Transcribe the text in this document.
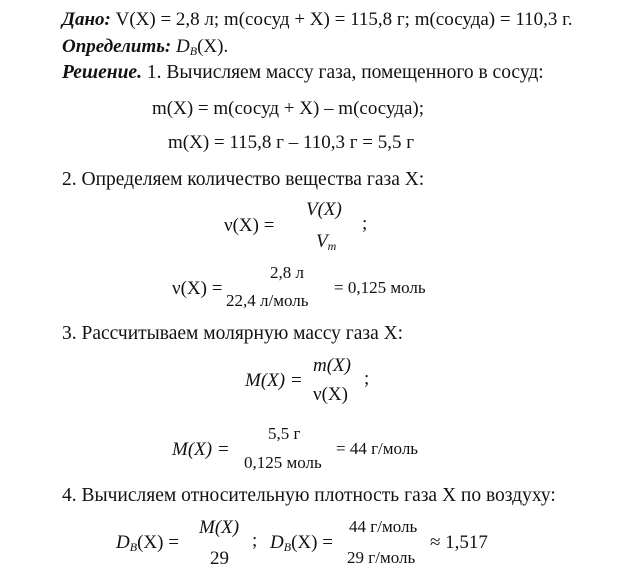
Дано: V(X) = 2,8 л; m(сосуд + X) = 115,8 г; m(сосуда) = 110,3 г.
Определить: $D_B(X)$.
Решение. 1. Вычисляем массу газа, помещенного в сосуд:
m(X) = m(сосуд + X) – m(сосуда);
m(X) = 115,8 г – 110,3 г = 5,5 г
2. Определяем количество вещества газа X:
ν(X) =
V(X)
$V_m$
;
ν(X) =
2,8 л
22,4 л/моль
= 0,125 моль
3. Рассчитываем молярную массу газа X:
M(X) =
m(X)
ν(X)
;
M(X) =
5,5 г
0,125 моль
= 44 г/моль
4. Вычисляем относительную плотность газа X по воздуху:
$D_B(X)$ =
M(X)
29
; $D_B(X)$ =
44 г/моль
29 г/моль
≈ 1,517
